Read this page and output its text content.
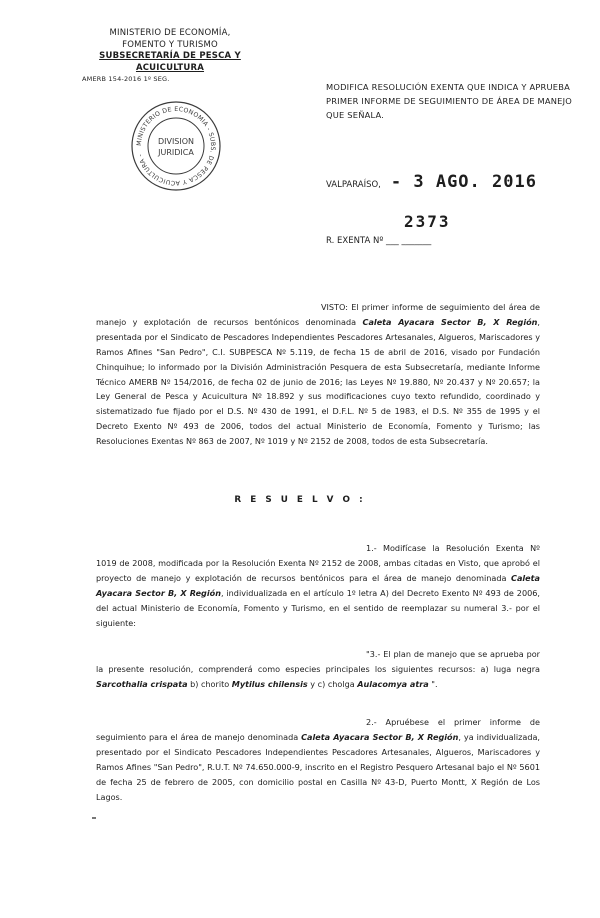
MINISTERIO DE ECONOMÍA,
FOMENTO Y TURISMO
SUBSECRETARÍA DE PESCA Y ACUICULTURA
AMERB 154-2016 1º SEG.
MODIFICA RESOLUCIÓN EXENTA QUE INDICA Y APRUEBA PRIMER INFORME DE SEGUIMIENTO DE ÁREA DE MANEJO QUE SEÑALA.
MINISTERIO DE ECONOMIA - SUBS. DE PESCA Y ACUICULTURA -
DIVISION
JURIDICA
VALPARAÍSO, - 3 AGO. 2016
2373
R. EXENTA Nº ___ _______
VISTO: El primer informe de seguimiento del área de manejo y explotación de recursos bentónicos denominada Caleta Ayacara Sector B, X Región, presentada por el Sindicato de Pescadores Independientes Pescadores Artesanales, Algueros, Mariscadores y Ramos Afines "San Pedro", C.I. SUBPESCA Nº 5.119, de fecha 15 de abril de 2016, visado por Fundación Chinquihue; lo informado por la División Administración Pesquera de esta Subsecretaría, mediante Informe Técnico AMERB Nº 154/2016, de fecha 02 de junio de 2016; las Leyes Nº 19.880, Nº 20.437 y Nº 20.657; la Ley General de Pesca y Acuicultura Nº 18.892 y sus modificaciones cuyo texto refundido, coordinado y sistematizado fue fijado por el D.S. Nº 430 de 1991, el D.F.L. Nº 5 de 1983, el D.S. Nº 355 de 1995 y el Decreto Exento Nº 493 de 2006, todos del actual Ministerio de Economía, Fomento y Turismo; las Resoluciones Exentas Nº 863 de 2007, Nº 1019 y Nº 2152 de 2008, todos de esta Subsecretaría.
R E S U E L V O :
1.- Modifícase la Resolución Exenta Nº 1019 de 2008, modificada por la Resolución Exenta Nº 2152 de 2008, ambas citadas en Visto, que aprobó el proyecto de manejo y explotación de recursos bentónicos para el área de manejo denominada Caleta Ayacara Sector B, X Región, individualizada en el artículo 1º letra A) del Decreto Exento Nº 493 de 2006, del actual Ministerio de Economía, Fomento y Turismo, en el sentido de reemplazar su numeral 3.- por el siguiente:
"3.- El plan de manejo que se aprueba por la presente resolución, comprenderá como especies principales los siguientes recursos: a) luga negra Sarcothalia crispata b) chorito Mytilus chilensis y c) cholga Aulacomya atra ".
2.- Apruébese el primer informe de seguimiento para el área de manejo denominada Caleta Ayacara Sector B, X Región, ya individualizada, presentado por el Sindicato Pescadores Independientes Pescadores Artesanales, Algueros, Mariscadores y Ramos Afines "San Pedro", R.U.T. Nº 74.650.000-9, inscrito en el Registro Pesquero Artesanal bajo el Nº 5601 de fecha 25 de febrero de 2005, con domicilio postal en Casilla Nº 43-D, Puerto Montt, X Región de Los Lagos.
